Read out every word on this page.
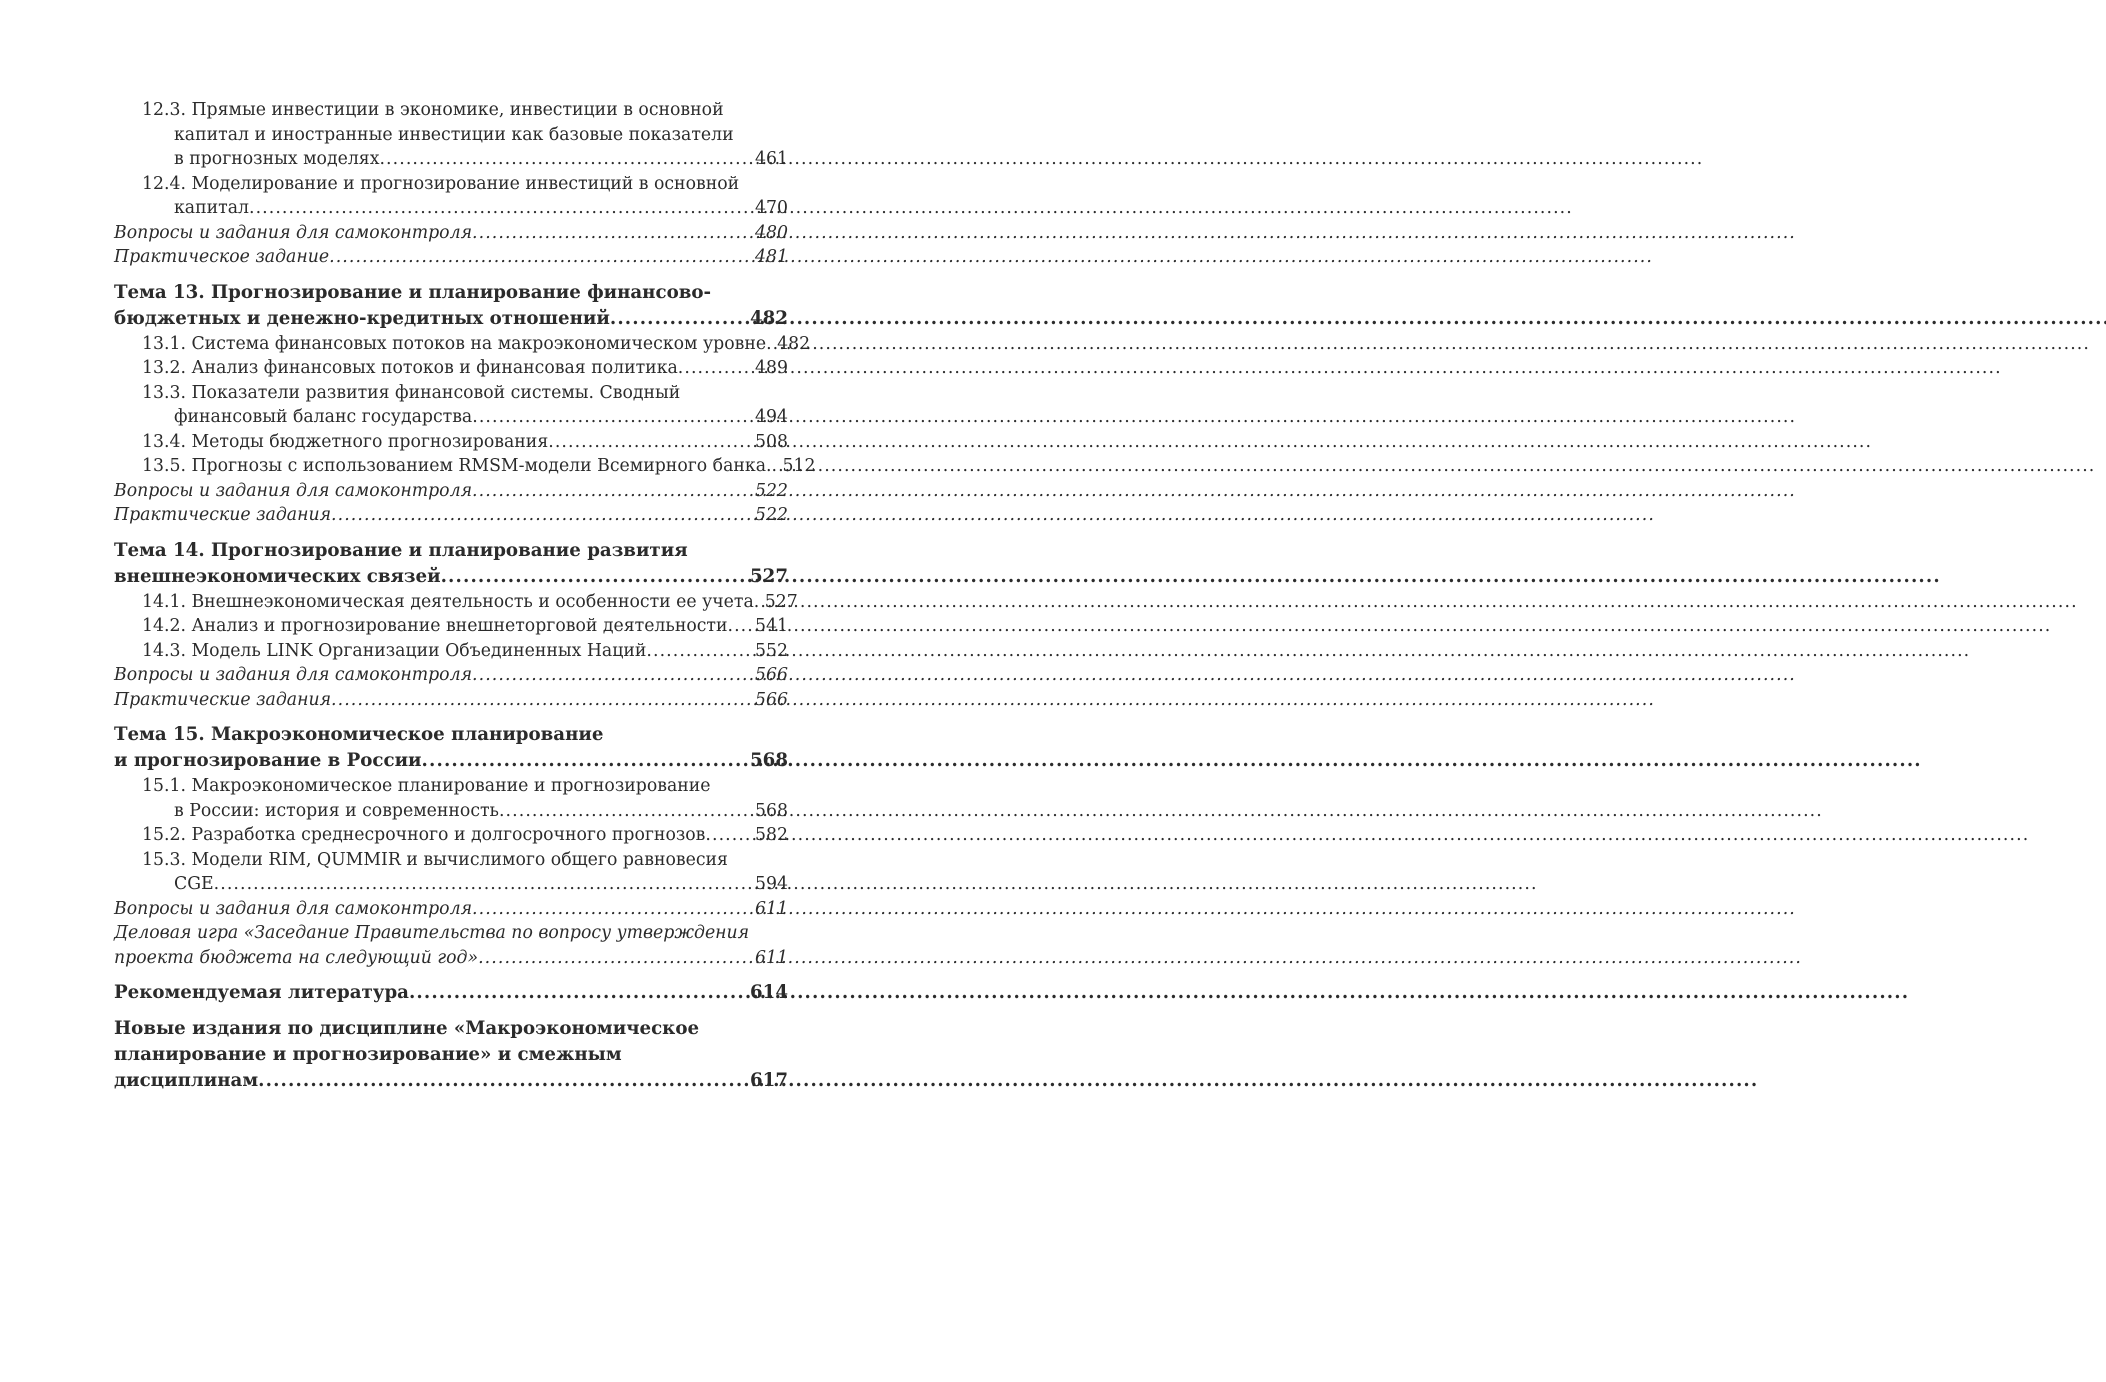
12.3. Прямые инвестиции в экономике, инвестиции в основной
капитал и иностранные инвестиции как базовые показатели
в прогнозных моделях . . .	461
12.4. Моделирование и прогнозирование инвестиций в основной
капитал . . .	470
Вопросы и задания для самоконтроля . . .	480
Практическое задание . . .	481
Тема 13. Прогнозирование и планирование финансово-
бюджетных и денежно-кредитных отношений . . .	482
13.1. Система финансовых потоков на макроэкономическом уровне . . . 482
13.2. Анализ финансовых потоков и финансовая политика . . .	489
13.3. Показатели развития финансовой системы. Сводный
финансовый баланс государства . . .	494
13.4. Методы бюджетного прогнозирования . . .	508
13.5. Прогнозы с использованием RMSM-модели Всемирного банка. . . . 512
Вопросы и задания для самоконтроля . . .	522
Практические задания . . .	522
Тема 14. Прогнозирование и планирование развития
внешнеэкономических связей . . .	527
14.1. Внешнеэкономическая деятельность и особенности ее учета . . . 527
14.2. Анализ и прогнозирование внешнеторговой деятельности . . . 541
14.3. Модель LINK Организации Объединенных Наций . . .	552
Вопросы и задания для самоконтроля . . .	566
Практические задания . . .	566
Тема 15. Макроэкономическое планирование
и прогнозирование в России . . .	568
15.1. Макроэкономическое планирование и прогнозирование
в России: история и современность . . .	568
15.2. Разработка среднесрочного и долгосрочного прогнозов . . .	582
15.3. Модели RIM, QUMMIR и вычислимого общего равновесия
CGE . . .	594
Вопросы и задания для самоконтроля . . .	611
Деловая игра «Заседание Правительства по вопросу утверждения
проекта бюджета на следующий год» . . .	611
Рекомендуемая литература . . .	614
Новые издания по дисциплине «Макроэкономическое
планирование и прогнозирование» и смежным
дисциплинам . . .	617
